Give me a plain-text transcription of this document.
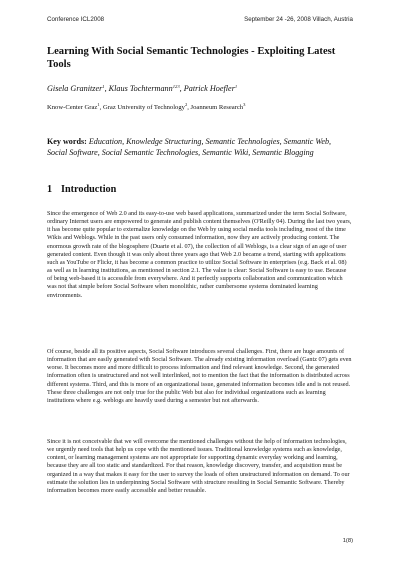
Conference ICL2008	September 24 -26, 2008 Villach, Austria
Learning With Social Semantic Technologies - Exploiting Latest Tools
Gisela Granitzer$^1$, Klaus Tochtermann$^{123}$, Patrick Hoefler$^1$
Know-Center Graz$^1$, Graz University of Technology$^2$, Joanneum Research$^3$

Key words: Education, Knowledge Structuring, Semantic Technologies, Semantic Web, Social Software, Social Semantic Technologies, Semantic Wiki, Semantic Blogging

1 Introduction

Since the emergence of Web 2.0 and its easy-to-use web based applications, summarized under the term Social Software, ordinary Internet users are empowered to generate and publish content themselves (O'Reilly 04). During the last two years, it has become quite popular to externalize knowledge on the Web by using social media tools including, most of the time Wikis and Weblogs. While in the past users only consumed information, now they are actively producing content. The enormous growth rate of the blogosphere (Duarte et al. 07), the collection of all Weblogs, is a clear sign of an age of user generated content. Even though it was only about three years ago that Web 2.0 became a trend, starting with applications such as YouTube or Flickr, it has become a common practice to utilize Social Software in enterprises (e.g. Back et al. 08) as well as in learning institutions, as mentioned in section 2.1. The value is clear: Social Software is easy to use. Because of being web-based it is accessible from everywhere. And it perfectly supports collaboration and communication which was not that simple before Social Software when monolithic, rather cumbersome systems dominated learning environments.

Of course, beside all its positive aspects, Social Software introduces several challenges. First, there are huge amounts of information that are easily generated with Social Software. The already existing information overload (Gantz 07) gets even worse. It becomes more and more difficult to process information and find relevant knowledge. Second, the generated information often is unstructured and not well interlinked, not to mention the fact that the information is distributed across different systems. Third, and this is more of an organizational issue, generated information becomes idle and is not reused. These three challenges are not only true for the public Web but also for individual organizations such as learning institutions where e.g. weblogs are heavily used during a semester but not afterwards.

Since it is not conceivable that we will overcome the mentioned challenges without the help of information technologies, we urgently need tools that help us cope with the mentioned issues. Traditional knowledge systems such as knowledge, content, or learning management systems are not appropriate for supporting dynamic everyday working and learning, because they are all too static and standardized. For that reason, knowledge discovery, transfer, and acquisition must be organized in a way that makes it easy for the user to survey the loads of often unstructured information on demand. To our estimate the solution lies in underpinning Social Software with structure resulting in Social Semantic Software. Thereby information becomes more easily accessible and better reusable.

1(8)
